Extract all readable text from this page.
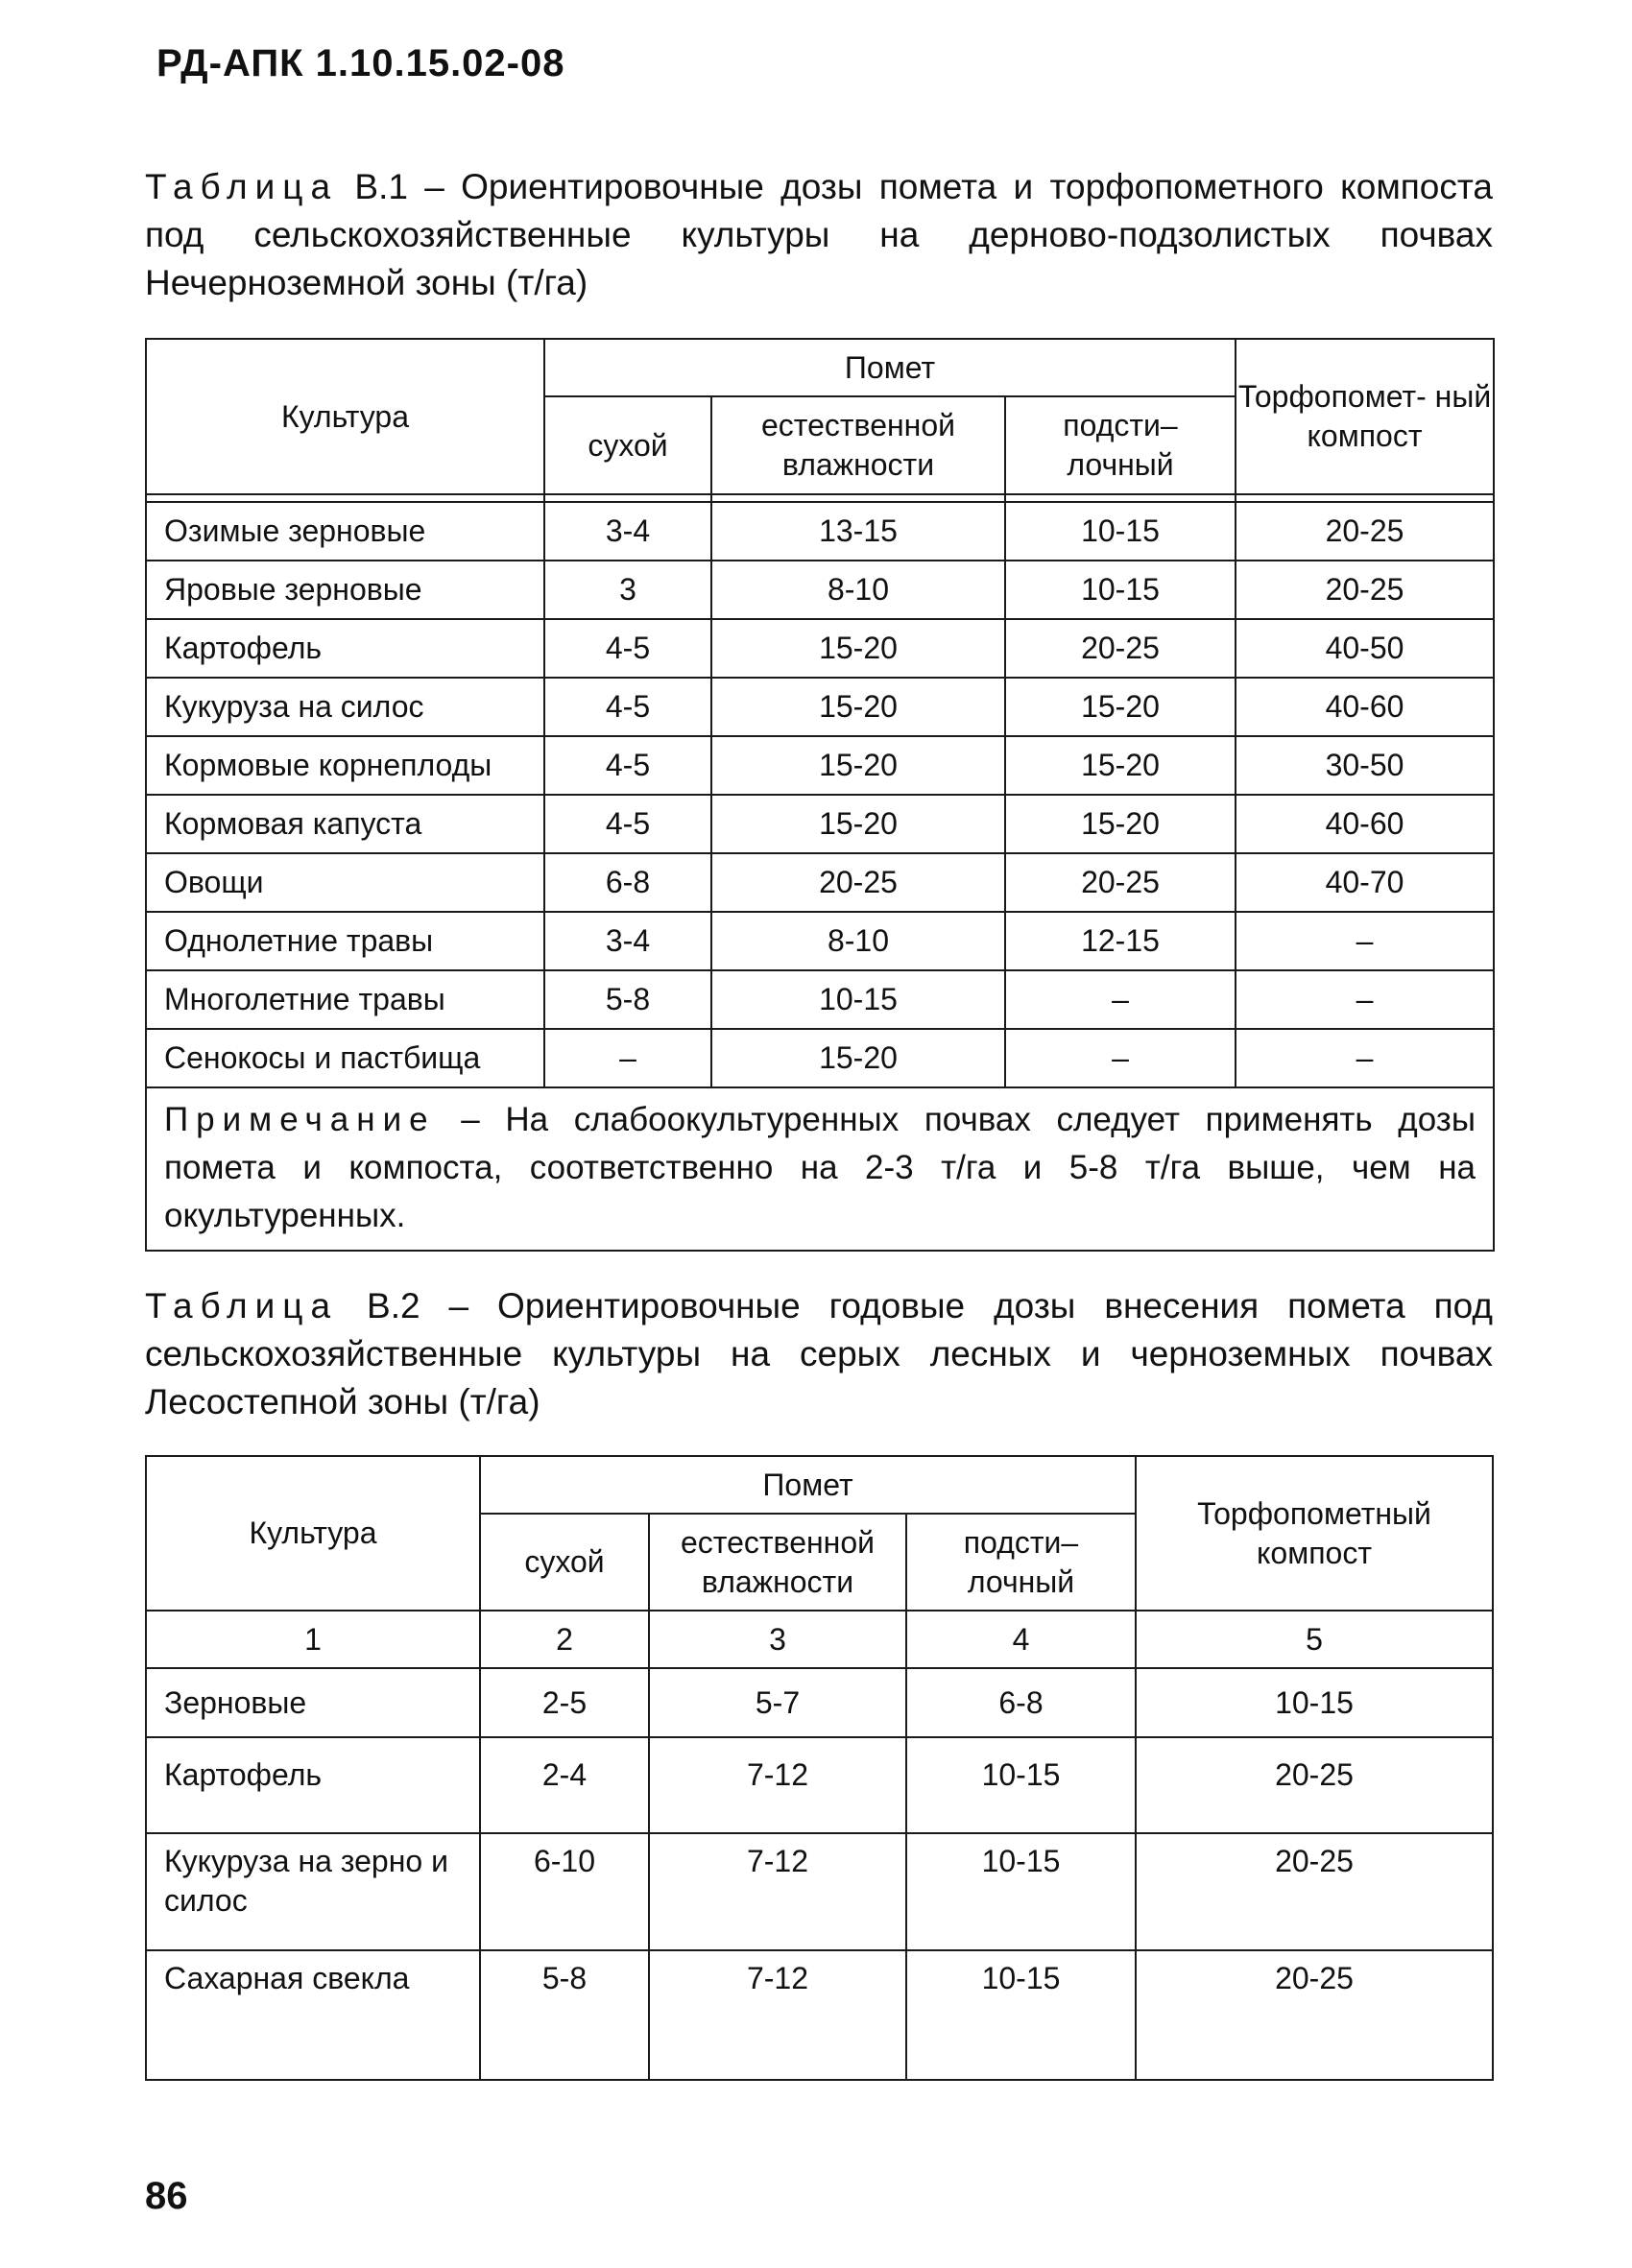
РД-АПК 1.10.15.02-08

Таблица В.1 – Ориентировочные дозы помета и торфопометного компоста под сельскохозяйственные культуры на дерново-подзолистых почвах Нечерноземной зоны (т/га)

Культура	Помет			Торфопомет- ный компост
	сухой	естественной влажности	подсти– лочный	

Озимые зерновые	3-4	13-15	10-15	20-25
Яровые зерновые	3	8-10	10-15	20-25
Картофель	4-5	15-20	20-25	40-50
Кукуруза на силос	4-5	15-20	15-20	40-60
Кормовые корнеплоды	4-5	15-20	15-20	30-50
Кормовая капуста	4-5	15-20	15-20	40-60
Овощи	6-8	20-25	20-25	40-70
Однолетние травы	3-4	8-10	12-15	–
Многолетние травы	5-8	10-15	–	–
Сенокосы и пастбища	–	15-20	–	–
Примечание – На слабоокультуренных почвах следует применять дозы помета и компоста, соответственно на 2-3 т/га и 5-8 т/га выше, чем на окультуренных.				

Таблица В.2 – Ориентировочные годовые дозы внесения помета под сельскохозяйственные культуры на серых лесных и черноземных почвах Лесостепной зоны (т/га)

Культура	Помет			Торфопометный компост
	сухой	естественной влажности	подсти– лочный	
1	2	3	4	5
Зерновые	2-5	5-7	6-8	10-15
Картофель	2-4	7-12	10-15	20-25
Кукуруза на зерно и силос	6-10	7-12	10-15	20-25
Сахарная свекла	5-8	7-12	10-15	20-25

86
